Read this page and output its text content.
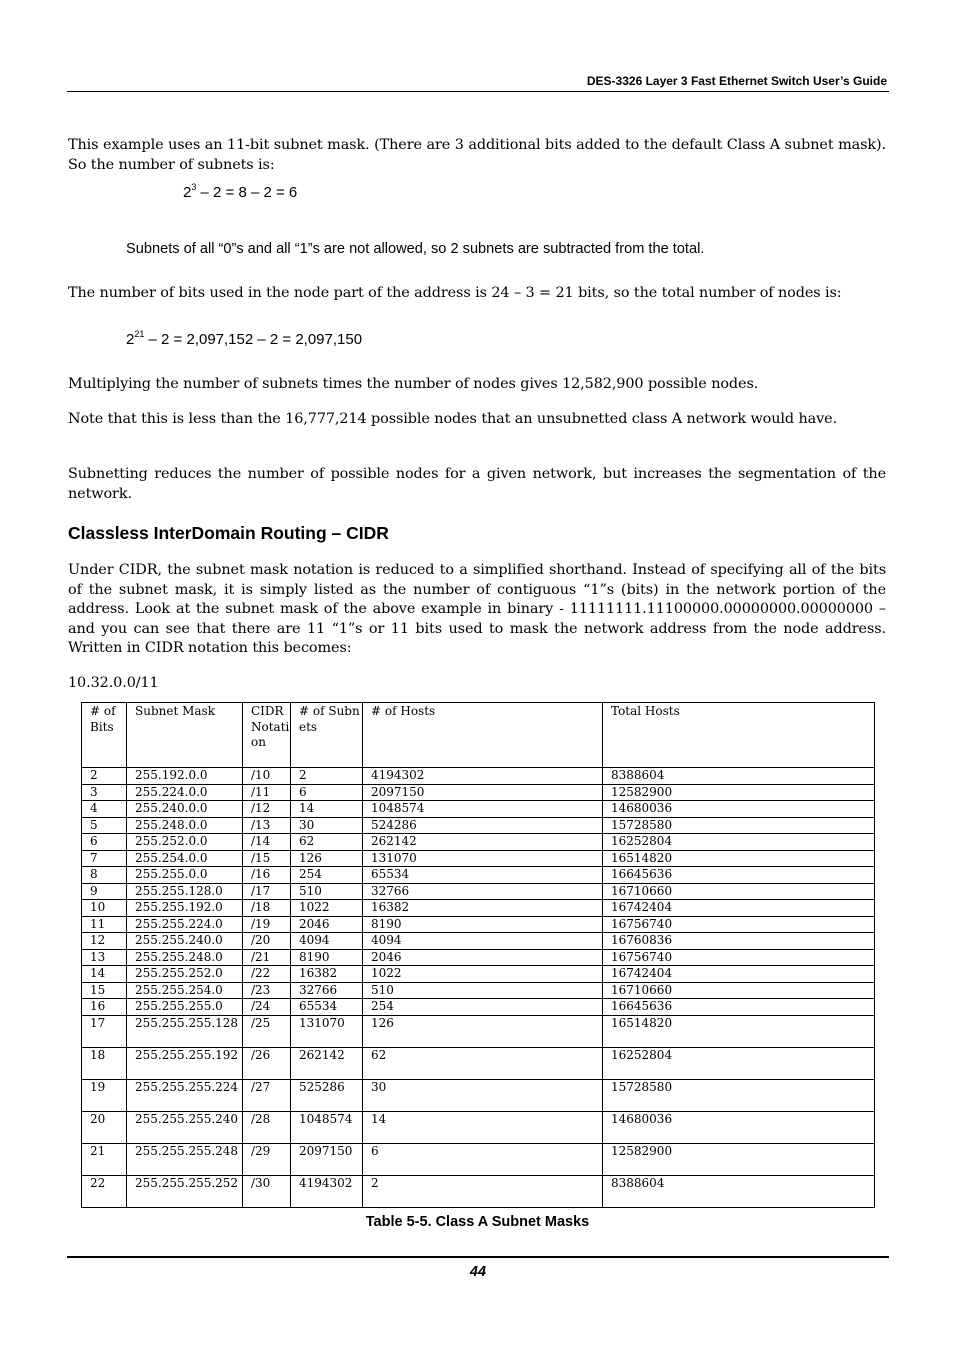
DES-3326 Layer 3 Fast Ethernet Switch User’s Guide
This example uses an 11-bit subnet mask. (There are 3 additional bits added to the default Class A subnet mask). So the number of subnets is:
$2^3 - 2 = 8 - 2 = 6$
Subnets of all “0”s and all “1”s are not allowed, so 2 subnets are subtracted from the total.
The number of bits used in the node part of the address is 24 – 3 = 21 bits, so the total number of nodes is:
$2^{21} - 2 = 2,097,152 - 2 = 2,097,150$
Multiplying the number of subnets times the number of nodes gives 12,582,900 possible nodes.
Note that this is less than the 16,777,214 possible nodes that an unsubnetted class A network would have.
Subnetting reduces the number of possible nodes for a given network, but increases the segmentation of the network.
Classless InterDomain Routing – CIDR
Under CIDR, the subnet mask notation is reduced to a simplified shorthand. Instead of specifying all of the bits of the subnet mask, it is simply listed as the number of contiguous “1”s (bits) in the network portion of the address. Look at the subnet mask of the above example in binary - 11111111.11100000.00000000.00000000 – and you can see that there are 11 “1”s or 11 bits used to mask the network address from the node address. Written in CIDR notation this becomes:
10.32.0.0/11
# of Bits	Subnet Mask	CIDR Notation	# of Subnets	# of Hosts	Total Hosts
2	255.192.0.0	/10	2	4194302	8388604
3	255.224.0.0	/11	6	2097150	12582900
4	255.240.0.0	/12	14	1048574	14680036
5	255.248.0.0	/13	30	524286	15728580
6	255.252.0.0	/14	62	262142	16252804
7	255.254.0.0	/15	126	131070	16514820
8	255.255.0.0	/16	254	65534	16645636
9	255.255.128.0	/17	510	32766	16710660
10	255.255.192.0	/18	1022	16382	16742404
11	255.255.224.0	/19	2046	8190	16756740
12	255.255.240.0	/20	4094	4094	16760836
13	255.255.248.0	/21	8190	2046	16756740
14	255.255.252.0	/22	16382	1022	16742404
15	255.255.254.0	/23	32766	510	16710660
16	255.255.255.0	/24	65534	254	16645636
17	255.255.255.128	/25	131070	126	16514820
18	255.255.255.192	/26	262142	62	16252804
19	255.255.255.224	/27	525286	30	15728580
20	255.255.255.240	/28	1048574	14	14680036
21	255.255.255.248	/29	2097150	6	12582900
22	255.255.255.252	/30	4194302	2	8388604
Table 5-5. Class A Subnet Masks
44
